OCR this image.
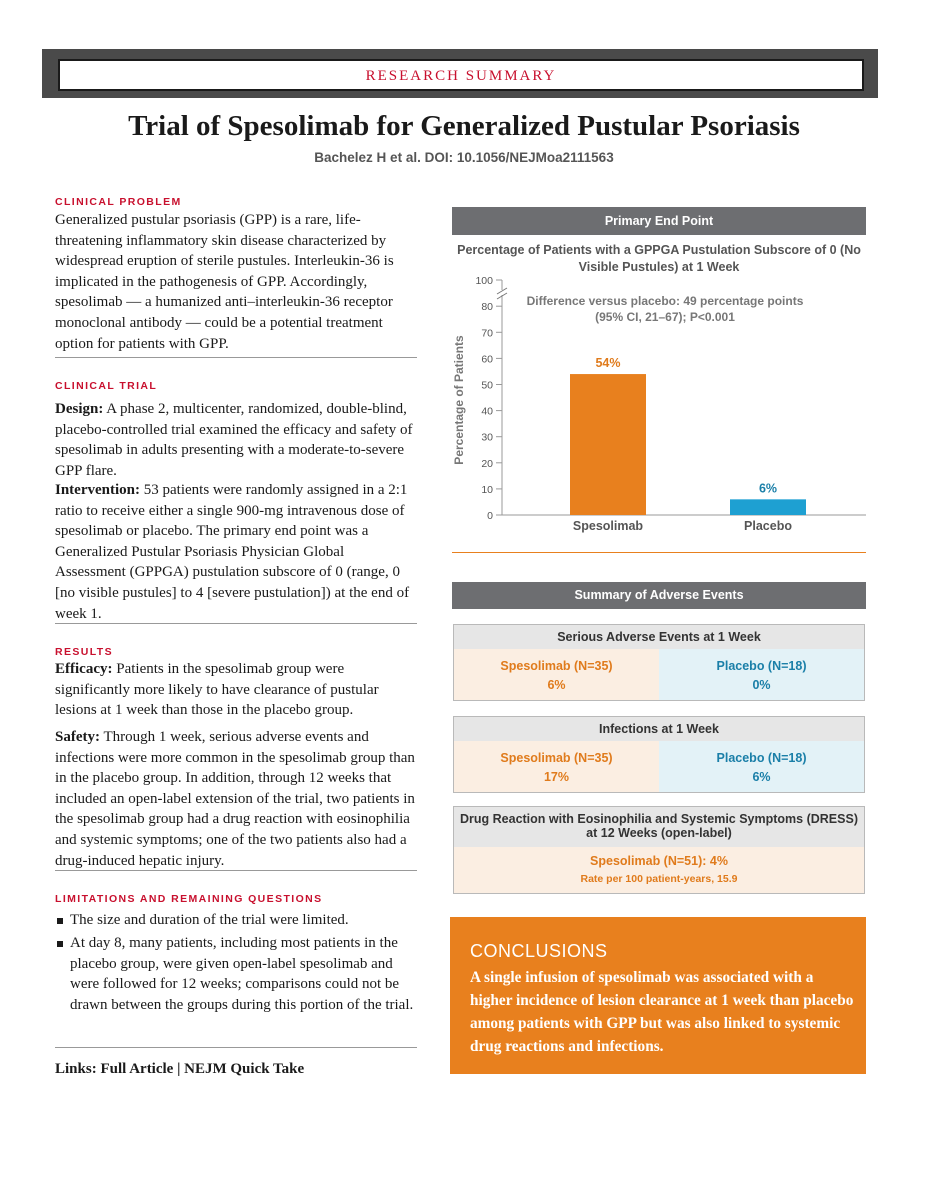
RESEARCH SUMMARY
Trial of Spesolimab for Generalized Pustular Psoriasis
Bachelez H et al. DOI: 10.1056/NEJMoa2111563
CLINICAL PROBLEM
Generalized pustular psoriasis (GPP) is a rare, life-threatening inflammatory skin disease characterized by widespread eruption of sterile pustules. Interleukin-36 is implicated in the pathogenesis of GPP. Accordingly, spesolimab — a humanized anti–interleukin-36 receptor monoclonal antibody — could be a potential treatment option for patients with GPP.
CLINICAL TRIAL
Design: A phase 2, multicenter, randomized, double-blind, placebo-controlled trial examined the efficacy and safety of spesolimab in adults presenting with a moderate-to-severe GPP flare.
Intervention: 53 patients were randomly assigned in a 2:1 ratio to receive either a single 900-mg intravenous dose of spesolimab or placebo. The primary end point was a Generalized Pustular Psoriasis Physician Global Assessment (GPPGA) pustulation subscore of 0 (range, 0 [no visible pustules] to 4 [severe pustulation]) at the end of week 1.
RESULTS
Efficacy: Patients in the spesolimab group were significantly more likely to have clearance of pustular lesions at 1 week than those in the placebo group.
Safety: Through 1 week, serious adverse events and infections were more common in the spesolimab group than in the placebo group. In addition, through 12 weeks that included an open-label extension of the trial, two patients in the spesolimab group had a drug reaction with eosinophilia and systemic symptoms; one of the two patients also had a drug-induced hepatic injury.
LIMITATIONS AND REMAINING QUESTIONS
The size and duration of the trial were limited.
At day 8, many patients, including most patients in the placebo group, were given open-label spesolimab and were followed for 12 weeks; comparisons could not be drawn between the groups during this portion of the trial.
Links: Full Article | NEJM Quick Take
Primary End Point
Percentage of Patients with a GPPGA Pustulation Subscore of 0 (No Visible Pustules) at 1 Week
0
10
20
30
40
50
60
70
80
100
54%
Spesolimab
6%
Placebo
Difference versus placebo: 49 percentage points
(95% CI, 21–67); P<0.001
Percentage of Patients
Summary of Adverse Events
Serious Adverse Events at 1 Week
Spesolimab (N=35)
6%
Placebo (N=18)
0%
Infections at 1 Week
Spesolimab (N=35)
17%
Placebo (N=18)
6%
Drug Reaction with Eosinophilia and Systemic Symptoms (DRESS)
at 12 Weeks (open-label)
Spesolimab (N=51): 4%
Rate per 100 patient-years, 15.9
CONCLUSIONS
A single infusion of spesolimab was associated with a higher incidence of lesion clearance at 1 week than placebo among patients with GPP but was also linked to systemic drug reactions and infections.
